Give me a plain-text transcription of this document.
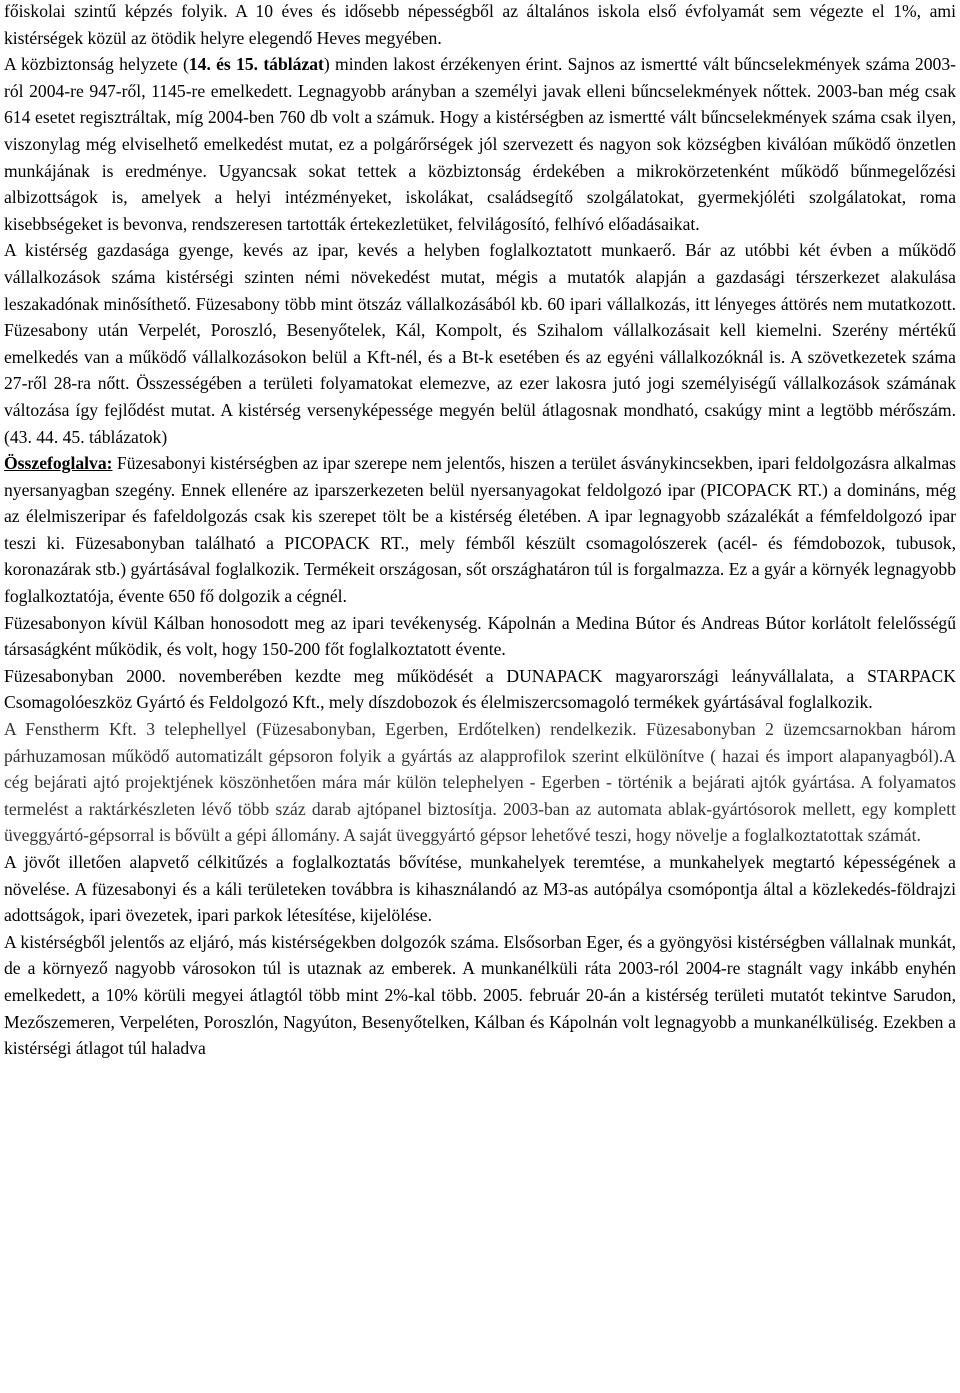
főiskolai szintű képzés folyik. A 10 éves és idősebb népességből az általános iskola első évfolyamát sem végezte el 1%, ami kistérségek közül az ötödik helyre elegendő Heves megyében.

A közbiztonság helyzete (14. és 15. táblázat) minden lakost érzékenyen érint. Sajnos az ismertté vált bűncselekmények száma 2003-ról 2004-re 947-ről, 1145-re emelkedett. Legnagyobb arányban a személyi javak elleni bűncselekmények nőttek. 2003-ban még csak 614 esetet regisztráltak, míg 2004-ben 760 db volt a számuk. Hogy a kistérségben az ismertté vált bűncselekmények száma csak ilyen, viszonylag még elviselhető emelkedést mutat, ez a polgárőrségek jól szervezett és nagyon sok községben kiválóan működő önzetlen munkájának is eredménye. Ugyancsak sokat tettek a közbiztonság érdekében a mikrokörzetenként működő bűnmegelőzési albizottságok is, amelyek a helyi intézményeket, iskolákat, családsegítő szolgálatokat, gyermekjóléti szolgálatokat, roma kisebbségeket is bevonva, rendszeresen tartották értekezletüket, felvilágosító, felhívó előadásaikat.

A kistérség gazdasága gyenge, kevés az ipar, kevés a helyben foglalkoztatott munkaerő. Bár az utóbbi két évben a működő vállalkozások száma kistérségi szinten némi növekedést mutat, mégis a mutatók alapján a gazdasági térszerkezet alakulása leszakadónak minősíthető. Füzesabony több mint ötszáz vállalkozásából kb. 60 ipari vállalkozás, itt lényeges áttörés nem mutatkozott. Füzesabony után Verpelét, Poroszló, Besenyőtelek, Kál, Kompolt, és Szihalom vállalkozásait kell kiemelni. Szerény mértékű emelkedés van a működő vállalkozásokon belül a Kft-nél, és a Bt-k esetében és az egyéni vállalkozóknál is. A szövetkezetek száma 27-ről 28-ra nőtt. Összességében a területi folyamatokat elemezve, az ezer lakosra jutó jogi személyiségű vállalkozások számának változása így fejlődést mutat. A kistérség versenyképessége megyén belül átlagosnak mondható, csakúgy mint a legtöbb mérőszám. (43. 44. 45. táblázatok)

Összefoglalva: Füzesabonyi kistérségben az ipar szerepe nem jelentős, hiszen a terület ásványkincsekben, ipari feldolgozásra alkalmas nyersanyagban szegény. Ennek ellenére az iparszerkezeten belül nyersanyagokat feldolgozó ipar (PICOPACK RT.) a domináns, még az élelmiszeripar és fafeldolgozás csak kis szerepet tölt be a kistérség életében. A ipar legnagyobb százalékát a fémfeldolgozó ipar teszi ki. Füzesabonyban található a PICOPACK RT., mely fémből készült csomagolószerek (acél- és fémdobozok, tubusok, koronazárak stb.) gyártásával foglalkozik. Termékeit országosan, sőt országhatáron túl is forgalmazza. Ez a gyár a környék legnagyobb foglalkoztatója, évente 650 fő dolgozik a cégnél.

Füzesabonyon kívül Kálban honosodott meg az ipari tevékenység. Kápolnán a Medina Bútor és Andreas Bútor korlátolt felelősségű társaságként működik, és volt, hogy 150-200 főt foglalkoztatott évente.

Füzesabonyban 2000. novemberében kezdte meg működését a DUNAPACK magyarországi leányvállalata, a STARPACK Csomagolóeszköz Gyártó és Feldolgozó Kft., mely díszdobozok és élelmiszercsomagoló termékek gyártásával foglalkozik.

A Fenstherm Kft. 3 telephellyel (Füzesabonyban, Egerben, Erdőtelken) rendelkezik. Füzesabonyban 2 üzemcsarnokban három párhuzamosan működő automatizált gépsoron folyik a gyártás az alapprofilok szerint elkülönítve ( hazai és import alapanyagból).A cég bejárati ajtó projektjének köszönhetően mára már külön telephelyen - Egerben - történik a bejárati ajtók gyártása. A folyamatos termelést a raktárkészleten lévő több száz darab ajtópanel biztosítja. 2003-ban az automata ablak-gyártósorok mellett, egy komplett üveggyártó-gépsorral is bővült a gépi állomány. A saját üveggyártó gépsor lehetővé teszi, hogy növelje a foglalkoztatottak számát.

A jövőt illetően alapvető célkitűzés a foglalkoztatás bővítése, munkahelyek teremtése, a munkahelyek megtartó képességének a növelése. A füzesabonyi és a káli területeken továbbra is kihasználandó az M3-as autópálya csomópontja által a közlekedés-földrajzi adottságok, ipari övezetek, ipari parkok létesítése, kijelölése.

A kistérségből jelentős az eljáró, más kistérségekben dolgozók száma. Elsősorban Eger, és a gyöngyösi kistérségben vállalnak munkát, de a környező nagyobb városokon túl is utaznak az emberek. A munkanélküli ráta 2003-ról 2004-re stagnált vagy inkább enyhén emelkedett, a 10% körüli megyei átlagtól több mint 2%-kal több. 2005. február 20-án a kistérség területi mutatót tekintve Sarudon, Mezőszemeren, Verpeléten, Poroszlón, Nagyúton, Besenyőtelken, Kálban és Kápolnán volt legnagyobb a munkanélküliség. Ezekben a kistérségi átlagot túl haladva
